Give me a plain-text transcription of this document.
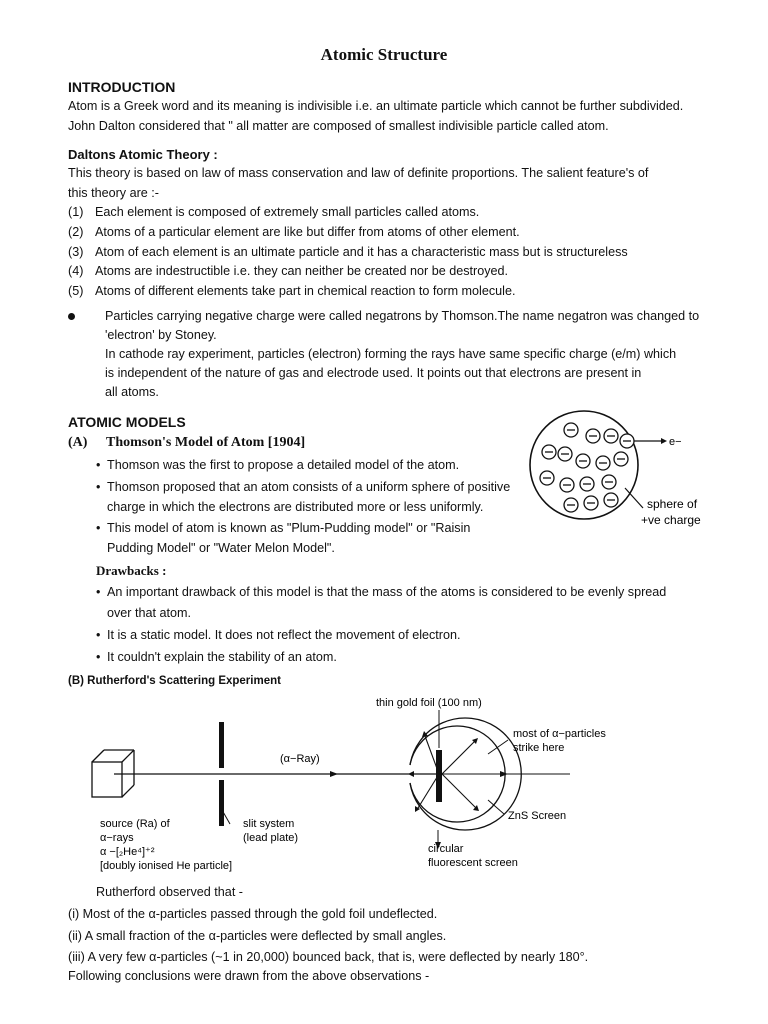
Atomic Structure
INTRODUCTION
Atom is a Greek word and its meaning is indivisible i.e. an ultimate particle which cannot be further subdivided.
John Dalton considered that " all matter are composed of smallest indivisible particle called atom.
Daltons Atomic Theory :
This theory is based on law of mass conservation and law of definite proportions. The salient feature's of
this theory are :-
(1) Each element is composed of extremely small particles called atoms.
(2) Atoms of a particular element are like but differ from atoms of other element.
(3) Atom of each element is an ultimate particle and it has a characteristic mass but is structureless
(4) Atoms are indestructible i.e. they can neither be created nor be destroyed.
(5) Atoms of different elements take part in chemical reaction to form molecule.
Particles carrying negative charge were called negatrons by Thomson.The name negatron was changed to
'electron' by Stoney.
In cathode ray experiment, particles (electron) forming the rays have same specific charge (e/m) which
is independent of the nature of gas and electrode used. It points out that electrons are present in
all atoms.
ATOMIC MODELS
(A) Thomson's Model of Atom [1904]
• Thomson was the first to propose a detailed model of the atom.
• Thomson proposed that an atom consists of a uniform sphere of positive
charge in which the electrons are distributed more or less uniformly.
• This model of atom is known as "Plum-Pudding model" or "Raisin
Pudding Model" or "Water Melon Model".
Drawbacks :
• An important drawback of this model is that the mass of the atoms is considered to be evenly spread
over that atom.
• It is a static model. It does not reflect the movement of electron.
• It couldn't explain the stability of an atom.
e−
sphere of
+ve charge
(B) Rutherford's Scattering Experiment
thin gold foil (100 nm)
(α−Ray)
most of α−particles
strike here
ZnS Screen
source (Ra) of
α−rays
α −[₂He⁴]⁺²
[doubly ionised He particle]
slit system
(lead plate)
circular
fluorescent screen
Rutherford observed that -
(i) Most of the α-particles passed through the gold foil undeflected.
(ii) A small fraction of the α-particles were deflected by small angles.
(iii) A very few α-particles (~1 in 20,000) bounced back, that is, were deflected by nearly 180°.
Following conclusions were drawn from the above observations -
